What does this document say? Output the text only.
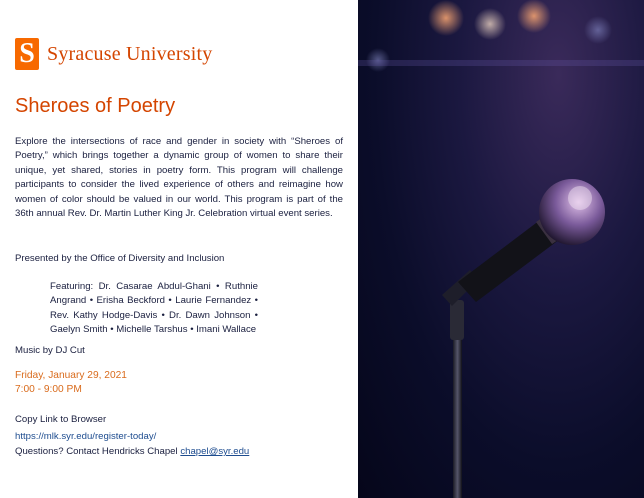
S Syracuse University
Sheroes of Poetry

Explore the intersections of race and gender in society with “Sheroes of Poetry,” which brings together a dynamic group of women to share their unique, yet shared, stories in poetry form. This program will challenge participants to consider the lived experience of others and reimagine how women of color should be valued in our world. This program is part of the 36th annual Rev. Dr. Martin Luther King Jr. Celebration virtual event series.

Presented by the Office of Diversity and Inclusion

Featuring: Dr. Casarae Abdul-Ghani • Ruthnie Angrand • Erisha Beckford • Laurie Fernandez • Rev. Kathy Hodge-Davis • Dr. Dawn Johnson • Gaelyn Smith • Michelle Tarshus • Imani Wallace

Music by DJ Cut
Friday, January 29, 2021
7:00 - 9:00 PM
Copy Link to Browser
https://mlk.syr.edu/register-today/
Questions? Contact Hendricks Chapel chapel@syr.edu
